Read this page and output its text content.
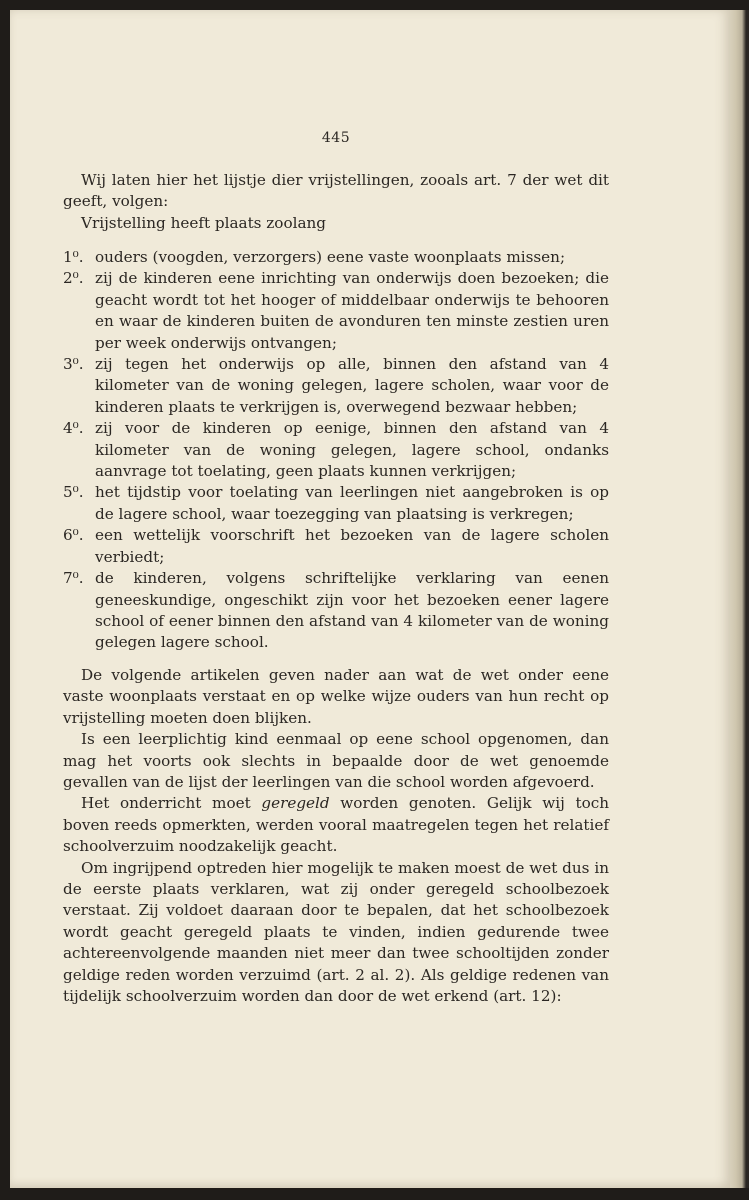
445

Wij laten hier het lijstje dier vrijstellingen, zooals art. 7 der wet dit geeft, volgen:

Vrijstelling heeft plaats zoolang

1⁰. ouders (voogden, verzorgers) eene vaste woonplaats missen;
2⁰. zij de kinderen eene inrichting van onderwijs doen bezoeken; die geacht wordt tot het hooger of middelbaar onderwijs te behooren en waar de kinderen buiten de avonduren ten minste zestien uren per week onderwijs ontvangen;
3⁰. zij tegen het onderwijs op alle, binnen den afstand van 4 kilometer van de woning gelegen, lagere scholen, waar voor de kinderen plaats te verkrijgen is, overwegend bezwaar hebben;
4⁰. zij voor de kinderen op eenige, binnen den afstand van 4 kilometer van de woning gelegen, lagere school, ondanks aanvrage tot toelating, geen plaats kunnen verkrijgen;
5⁰. het tijdstip voor toelating van leerlingen niet aangebroken is op de lagere school, waar toezegging van plaatsing is verkregen;
6⁰. een wettelijk voorschrift het bezoeken van de lagere scholen verbiedt;
7⁰. de kinderen, volgens schriftelijke verklaring van eenen geneeskundige, ongeschikt zijn voor het bezoeken eener lagere school of eener binnen den afstand van 4 kilometer van de woning gelegen lagere school.

De volgende artikelen geven nader aan wat de wet onder eene vaste woonplaats verstaat en op welke wijze ouders van hun recht op vrijstelling moeten doen blijken.

Is een leerplichtig kind eenmaal op eene school opgenomen, dan mag het voorts ook slechts in bepaalde door de wet genoemde gevallen van de lijst der leerlingen van die school worden afgevoerd.

Het onderricht moet geregeld worden genoten. Gelijk wij toch boven reeds opmerkten, werden vooral maatregelen tegen het relatief schoolverzuim noodzakelijk geacht.

Om ingrijpend optreden hier mogelijk te maken moest de wet dus in de eerste plaats verklaren, wat zij onder geregeld schoolbezoek verstaat. Zij voldoet daaraan door te bepalen, dat het schoolbezoek wordt geacht geregeld plaats te vinden, indien gedurende twee achtereenvolgende maanden niet meer dan twee schooltijden zonder geldige reden worden verzuimd (art. 2 al. 2). Als geldige redenen van tijdelijk schoolverzuim worden dan door de wet erkend (art. 12):
